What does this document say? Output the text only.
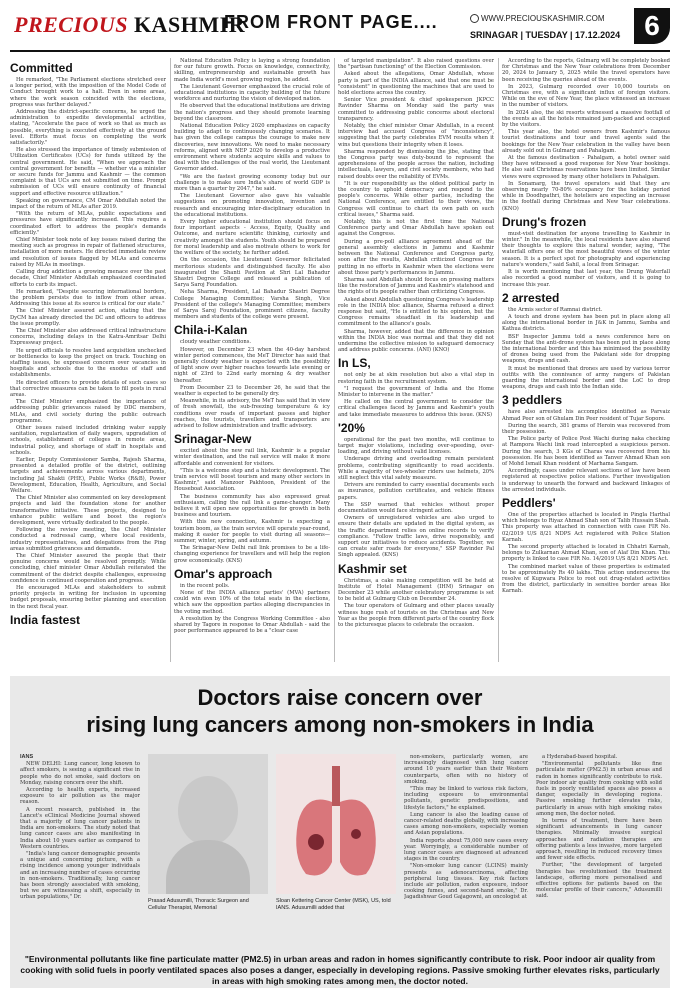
PRECIOUS KASHMIR
FROM FRONT PAGE....	WWW.PRECIOUSKASHMIR.COM
SRINAGAR | TUESDAY | 17.12.2024 6
Committed

He remarked, "The Parliament elections stretched over a longer period, with the imposition of the Model Code of Conduct brought work to a halt. Even in some areas, where the work season coincided with the elections, progress was further delayed."

Addressing the district-specific concerns, he urged the administration to expedite developmental activities, stating, "Accelerate the pace of work so that as much as possible, everything is executed effectively at the ground level. Efforts must focus on completing the work satisfactorily."

He also stressed the importance of timely submission of Utilization Certificates (UCs) for funds utilized by the central government. He said, "When we approach the central government for benefits — whether via a minister or secure funds for Jammu and Kashmir — the common complaint is that UCs are not submitted on time. Prompt submission of UCs will ensure continuity of financial support and effective resource utilization."

Speaking on governance, CM Omar Abdullah noted the impact of the return of MLAs after 2019.

"With the return of MLAs, public expectations and pressures have significantly increased. This requires a coordinated effort to address the people's demands efficiently."

Chief Minister took note of key issues raised during the meeting such as progress in repair of flattened structures, installation of more meters. He directed immediate review and resolution of issues flagged by MLAs and concerns raised by MLAs in meetings.

Calling drug addiction a growing menace over the past decade, Chief Minister Abdullah emphasized coordinated efforts to curb its impact.

He remarked, "Despite securing international borders, the problem persists due to inflow from other areas. Addressing this issue at its source is critical for our state."

The Chief Minister assured action, stating that the DyCM has already directed the DC and officers to address the issue promptly.

The Chief Minister also addressed critical infrastructure concerns, including delays in the Katra-Amritsar Delhi Expressway project.

He urged officials to resolve land acquisition unchecked or bottlenecks to keep the project on track. Touching on staffing issues, he expressed concern over vacancies in hospitals and schools due to the exodus of staff and establishments.

He directed officers to provide details of such cases so that corrective measures can be taken to fill posts in rural areas.

The Chief Minister emphasized the importance of addressing public grievances raised by DDC members, MLAs, and civil society during the public outreach programme.

Other issues raised included drinking water supply sanitation, regularization of daily wagers, upgradation of schools, establishment of colleges in remote areas, industrial policy, and shortage of staff in hospitals and schools.

Earlier, Deputy Commissioner Samba, Rajesh Sharma, presented a detailed profile of the district, outlining targets and achievements across various departments, including Jal Shakti (PHE), Public Works (R&B), Power Development, Education, Health, Agriculture, and Social Welfare.

The Chief Minister also commented on key development projects and laid the foundation stone for another transformative initiative. These projects, designed to enhance public welfare and boost the region's development, were virtually dedicated to the people.

Following the review meeting, the Chief Minister conducted a redressal camp, where local residents, industry representatives, and delegations from the Ping areas submitted grievances and demands.

The Chief Minister assured the people that their genuine concerns would be resolved promptly. While concluding, chief minister Omar Abdullah reiterated the commitment of the district despite challenges, expressing confidence in continued cooperation and progress.

He encouraged MLAs and stakeholders to submit priority projects in writing for inclusion in upcoming budget proposals, ensuring better planning and execution in the next fiscal year.

India fastest

National Education Policy is laying a strong foundation for our future growth. Focus on knowledge, connectivity, skilling, entrepreneurship and sustainable growth has made India world's most growing region, he added.

The Lieutenant Governor emphasized the crucial role of educational institutions in capacity building of the future workforce and nurturing the vision of developed nation.

He observed that the educational institutions are driving the nation's progress and they should promote learning beyond the classroom.

National Education Policy 2020 emphasizes on capacity building to adapt to continuously changing scenarios. It has given the college campus the courage to make new discoveries, new innovations. We need to make necessary reforms, aligned with NEP 2020 to develop a productive environment where students acquire skills and values to deal with the challenges of the real world, the Lieutenant Governor added.

"We are the fastest growing economy today but our challenge is to make sure India's share of world GDP is more than a quarter by 2047," he said.

The Lieutenant Governor also gave his valuable suggestions on promoting innovation, invention and research and encouraging inter-disciplinary education in the educational institutions.

Every higher educational institution should focus on four important aspects - Access, Equity, Quality and Outcome, and nurture scientific thinking, curiosity and creativity amongst the students. Youth should be prepared for moral leadership and also motivate others to work for the welfare of the society, he further added.

On the occasion, the Lieutenant Governor felicitated meritorious students and distinguished faculty. He also inaugurated the Shanti Pavilion at Shri Lal Bahadur Shastri Degree College and released a publication of Sarya Saroj Foundation.

Neha Sharma, President, Lal Bahadur Shastri Degree College Managing Committee; Varsha Singh, Vice President of the college's Managing Committee; members of Sarya Saroj Foundation, prominent citizens, faculty members and students of the college were present.

Chila-i-Kalan

cloudy weather conditions.

However, on December 23 when the 40-day harshest winter period commences, the MeT Director has said that generally cloudy weather is expected with the possibility of light snow over higher reaches towards late evening or night of 23rd to 22nd early morning & dry weather thereafter.

From December 23 to December 26, he said that the weather is expected to be generally dry.

Meanwhile, in its advisory, the MeT has said that in view of fresh snowfall, the sub-freezing temperature & icy conditions over roads of important passes and higher reaches, the tourists, travellers and transporters are advised to follow administration and traffic advisory.

Srinagar-New

excited about the new rail link, Kashmir is a popular winter destination, and the rail service will make it more affordable and convenient for visitors.

"This is a welcome step and a historic development. The train service will boost tourism and many other sectors in Kashmir," said Manzoor Pakhtoon, President of the Houseboat Association.

The business community has also expressed great enthusiasm, calling the rail link a game-changer. Many believe it will open new opportunities for growth in both business and tourism.

With this new connection, Kashmir is expecting a tourism boom, as the train service will operate year-round, making it easier for people to visit during all seasons—summer, winter, spring, and autumn.

The Srinagar-New Delhi rail link promises to be a life-changing experience for travellers and will help the region grow economically. (KNS)

Omar's approach

in the recent polls.

None of the INDIA alliance parties' (MVA) partners could win even 10% of the total seats in the elections, which saw the opposition parties alleging discrepancies in the voting method.

A resolution by the Congress Working Committee - also shared by Tagore in response to Omar Abdullah - said the poor performance appeared to be a "clear case

of targeted manipulation". It also raised questions over the "partisan functioning" of the Election Commission.

Asked about the allegations, Omar Abdullah, whose party is part of the INDIA alliance, said that one must be "consistent" in questioning the machines that are used to hold elections across the country.

Senior Vice president & chief spokesperson JKPCC Ravinder Sharma on Monday said the party was committed to addressing public concerns about electoral transparency.

Notably, the chief minister Omar Abdullah, in a recent interview had accused Congress of "inconsistency", suggesting that the party celebrates EVM results when it wins but questions their integrity when it loses.

Sharma responded by dismissing the jibe, stating that the Congress party was duty-bound to represent the apprehensions of the people across the nation, including intellectuals, lawyers, and civil society members, who had raised doubts over the reliability of EVMs.

"It is our responsibility as the oldest political party in the country to uphold democracy and respond to the people's concerns. While other parties, including the National Conference, are entitled to their views, the Congress will continue to chart its own path on such critical issues," Sharma said.

Notably, this is not the first time the National Conference party and Omar Abdullah have spoken out against the Congress.

During a pre-poll alliance agreement ahead of the general assembly elections in Jammu and Kashmir between the National Conference and Congress party, soon after the results, Abdullah criticized Congress for putting in no efforts in Kashmir when the elections were about those party's performances in Jammu.

Sharma said Abdullah should focus on pressing matters like the restoration of Jammu and Kashmir's statehood and the rights of its people rather than criticizing Congress.

Asked about Abdullah questioning Congress's leadership role in the INDIA bloc alliance, Sharma refused a direct response but said, "He is entitled to his opinion, but the Congress remains steadfast in its leadership and commitment to the alliance's goals.

Sharma, however, added that the difference in opinion within the INDIA bloc was normal and that they did not undermine the collective mission to safeguard democracy and address public concerns. (ANI) (KNO)

In LS,

not only be at skin resolution but also a vital step in restoring faith in the recruitment system.

"I request the government of India and the Home Minister to intervene in the matter."

He called on the central government to consider the critical challenges faced by Jammu and Kashmir's youth and take immediate measures to address this issue. (KNS)

'20%

operational for the past two months, will continue to target major violations, including over-speeding, over-loading, and driving without valid licenses.

Underage driving and overloading remain persistent problems, contributing significantly to road accidents. While a majority of two-wheeler riders use helmets, 20% still neglect this vital safety measure.

Drivers are reminded to carry essential documents such as insurance, pollution certificates, and vehicle fitness papers.

The SSP warned that vehicles without proper documentation would face stringent action.

Owners of unregistered vehicles are also urged to ensure their details are updated in the digital system, as the traffic department relies on online records to verify compliance. "Follow traffic laws, drive responsibly, and support our initiatives to reduce accidents. Together, we can create safer roads for everyone," SSP Ravinder Pal Singh appealed. (KNS)

Kashmir set

Christmas, a cake making competition will be held at Institute of Hotel Management (IHM) Srinagar on December 23 while another celebratory programme is set to be held at Gulmarg Club on December 24.

The tour operators of Gulmarg and other places usually witness huge rush of tourists on the Christmas and New Year as the people from different parts of the country flock to the picturesque places to celebrate the occasion.

According to the reports, Gulmarg will be completely booked for Christmas and the New Year celebrations from December 20, 2024 to January 5, 2025 while the travel operators have been receiving the queries ahead of the events.

In 2023, Gulmarg recorded over 10,000 tourists on Christmas eve, with a significant influx of foreign visitors. While on the eve of New Year, the place witnessed an increase in the number of visitors.

In 2024 also, the ski resorts witnessed a massive footfall of the events as all the hotels remained jam-packed and occupied by the visitors.

This year also, the hotel owners from Kashmir's famous tourist destinations and tour and travel agents said the bookings for the New Year celebration in the valley have been already sold out in Gulmarg and Pahalgam.

At the famous destination - Pahalgam, a hotel owner said they have witnessed a good response for New Year bookings. He also said Christmas reservations have been limited. Similar views were expressed by many other hoteliers in Pahalgam.

In Sonamarg, the travel operators said that they are observing nearly 70-80% occupancy for the holiday period while in Doodhpathri, the hoteliers are expecting an increase in the footfall during Christmas and New Year celebrations. (KNO)

Drung's frozen

must-visit destination for anyone travelling to Kashmir in winter." In the meanwhile, the local residents have also shared their thoughts to explore this natural wonder, saying, "The waterfall offers one of the most beautiful views of the winter season. It is a perfect spot for photography and experiencing nature's wonders," said Sahil, a local from Srinagar.

It is worth mentioning that last year, the Drung Waterfall also recorded a good number of visitors, and it is going to increase this year.

2 arrested

the Armis sector of Ramnai district.

A touch and drone system has been put in place along all along the international border in J&K in Jammu, Samba and Kathua districts.

BSF Inspector Jammu told a news conference here on Sunday that the anti-drone system has been put in place along the international border and this has minimised the possibility of drones being used from the Pakistani side for dropping weapons, drugs and cash.

It must be mentioned that drones are used by various terror outfits with the connivance of army rangers of Pakistan guarding the international border and the LoC to drop weapons, drugs and cash into the Indian side.

3 peddlers

have also arrested his accomplice identified as Parvaiz Ahmad Peer son of Ghulam Din Peer resident of Tujar Sopore.

During the search, 381 grams of Heroin was recovered from their possession.

The Police party of Police Post Wachi during naka checking at Ramporа Wachi link road intercepted a suspicious person. During the search, 3 KGs of Charas was recovered from his possession. He has been identified as Tanver Ahmad Khan son of Mohd Ismail Khan resident of Marhama Sangam.

Accordingly, cases under relevant sections of law have been registered at respective police stations. Further investigation is underway to unearth the forward and backward linkages of the arrested individuals.

Peddlers'

One of the properties attached is located in Pingla Harthal which belongs to Riyaz Ahmad Shah son of Talib Hussain Shah. This property was attached in connection with case FIR No. 02/2019 U/S 8/21 NDPS Act registered with Police Station Karnah.

The second property attached is located in Chhatri Karnah, belongs to Zulkarnan Ahmad Khan, son of Alaf Din Khan. This property is linked to case FIR No. 14/2019 U/S 8/21 NDPS Act.

The combined market value of these properties is estimated to be approximately Rs 40 lakhs. This action underscores the resolve of Kupwara Police to root out drug-related activities from the district, particularly in sensitive border areas like Karnah.

Doctors raise concern over
rising lung cancers among non-smokers in India
IANS

NEW DELHI: Lung cancer, long known to affect smokers, is seeing a significant rise in people who do not smoke, said doctors on Monday, raising concern over the shift.

According to health experts, increased exposure to air pollution as the major reason.

A recent research, published in the Lancet's eClinical Medicine Journal showed that a majority of lung cancer patients in India are non-smokers. The study noted that lung cancer cases are also manifesting in India about 10 years earlier as compared to Western countries.

"India's lung cancer demographic presents a unique and concerning picture, with a rising incidence among younger individuals and an increasing number of cases occurring in non-smokers. Traditionally, lung cancer has been strongly associated with smoking, but we are witnessing a shift, especially in urban populations," Dr.

Prasad Adusumilli, Thoracic Surgeon and Cellular Therapist, Memorial
Sloan Kettering Cancer Center (MSK), US, told IANS. Adusumilli added that

non-smokers, particularly women, are increasingly diagnosed with lung cancer around 10 years earlier than their Western counterparts, often with no history of smoking.

"This may be linked to various risk factors, including exposure to environmental pollutants, genetic predispositions, and lifestyle factors," he explained.

Lung cancer is also the leading cause of cancer-related deaths globally, with increasing cases among non-smokers, especially women and Asian populations.

India reports about 75,000 new cases every year. Worryingly, a considerable number of lung cancer cases are diagnosed at advanced stages in the country.

"Non-smoker lung cancer (LCINS) mainly presents as adenocarcinoma, affecting peripheral lung tissues. Key risk factors include air pollution, radon exposure, indoor cooking fumes, and second-hand smoke," Dr. Jagadishwar Goud Gajagowni, an oncologist at

a Hyderabad-based hospital.

"Environmental pollutants like fine particulate matter (PM2.5) in urban areas and radon in homes significantly contribute to risk. Poor indoor air quality from cooking with solid fuels in poorly ventilated spaces also poses a danger, especially in developing regions. Passive smoking further elevates risks, particularly in areas with high smoking rates among men, the doctor noted.

In terms of treatment, there have been significant advancements in lung cancer therapies. Minimally invasive surgical approaches and radiation therapies are offering patients a less invasive, more targeted approach, resulting in reduced recovery times and fewer side effects.

Further, "the development of targeted therapies has revolutionised the treatment landscape, offering more personalised and effective options for patients based on the molecular profile of their cancers," Adusumilli said.

"Environmental pollutants like fine particulate matter (PM2.5) in urban areas and radon in homes significantly contribute to risk. Poor indoor air quality from cooking with solid fuels in poorly ventilated spaces also poses a danger, especially in developing regions. Passive smoking further elevates risks, particularly in areas with high smoking rates among men, the doctor noted.
